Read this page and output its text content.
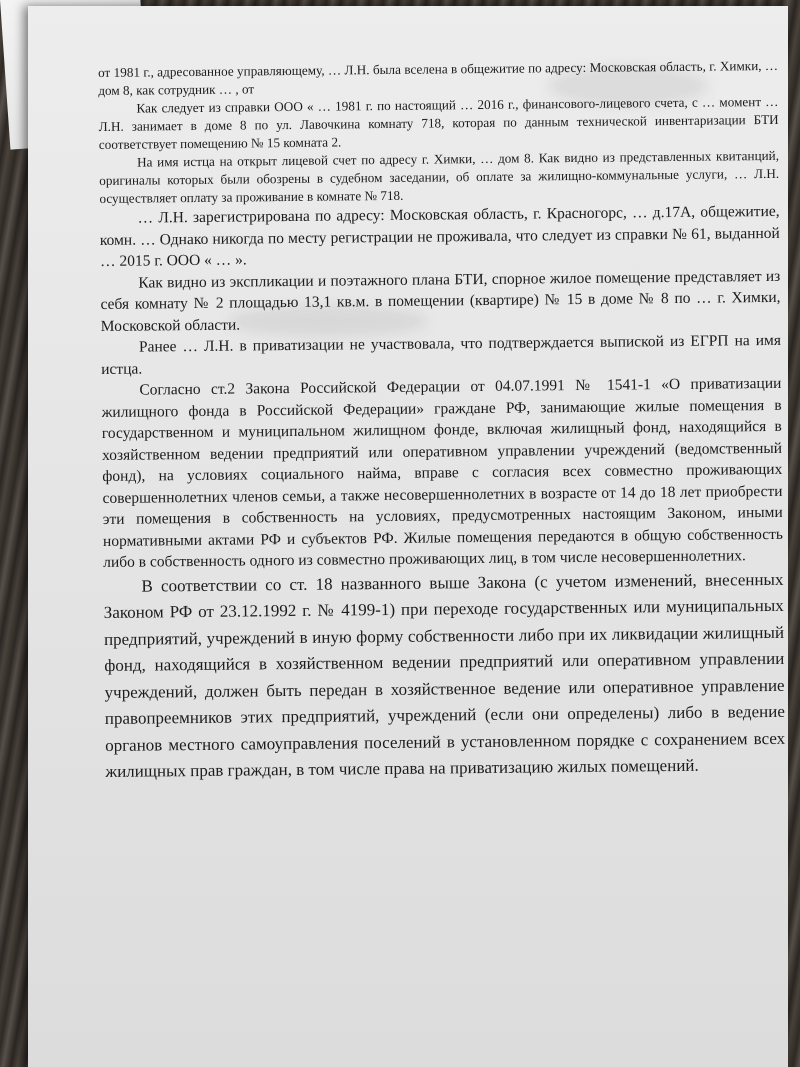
от 1981 г., адресованное управляющему, … Л.Н. была вселена в общежитие по адресу: Московская область, г. Химки, … дом 8, как сотрудник … , от

Как следует из справки ООО « … 1981 г. по настоящий … 2016 г., финансового-лицевого счета, с … момент … Л.Н. занимает в доме 8 по ул. Лавочкина комнату 718, которая по данным технической инвентаризации БТИ соответствует помещению № 15 комната 2.

На имя истца на открыт лицевой счет по адресу г. Химки, … дом 8. Как видно из представленных квитанций, оригиналы которых были обозрены в судебном заседании, об оплате за жилищно-коммунальные услуги, … Л.Н. осуществляет оплату за проживание в комнате № 718.

… Л.Н. зарегистрирована по адресу: Московская область, г. Красногорс, … д.17А, общежитие, комн. … Однако никогда по месту регистрации не проживала, что следует из справки № 61, выданной … 2015 г. ООО « … ».

Как видно из экспликации и поэтажного плана БТИ, спорное жилое помещение представляет из себя комнату № 2 площадью 13,1 кв.м. в помещении (квартире) № 15 в доме № 8 по … г. Химки, Московской области.

Ранее … Л.Н. в приватизации не участвовала, что подтверждается выпиской из ЕГРП на имя истца.

Согласно ст.2 Закона Российской Федерации от 04.07.1991 № 1541-1 «О приватизации жилищного фонда в Российской Федерации» граждане РФ, занимающие жилые помещения в государственном и муниципальном жилищном фонде, включая жилищный фонд, находящийся в хозяйственном ведении предприятий или оперативном управлении учреждений (ведомственный фонд), на условиях социального найма, вправе с согласия всех совместно проживающих совершеннолетних членов семьи, а также несовершеннолетних в возрасте от 14 до 18 лет приобрести эти помещения в собственность на условиях, предусмотренных настоящим Законом, иными нормативными актами РФ и субъектов РФ. Жилые помещения передаются в общую собственность либо в собственность одного из совместно проживающих лиц, в том числе несовершеннолетних.

В соответствии со ст. 18 названного выше Закона (с учетом изменений, внесенных Законом РФ от 23.12.1992 г. № 4199-1) при переходе государственных или муниципальных предприятий, учреждений в иную форму собственности либо при их ликвидации жилищный фонд, находящийся в хозяйственном ведении предприятий или оперативном управлении учреждений, должен быть передан в хозяйственное ведение или оперативное управление правопреемников этих предприятий, учреждений (если они определены) либо в ведение органов местного самоуправления поселений в установленном порядке с сохранением всех жилищных прав граждан, в том числе права на приватизацию жилых помещений.
